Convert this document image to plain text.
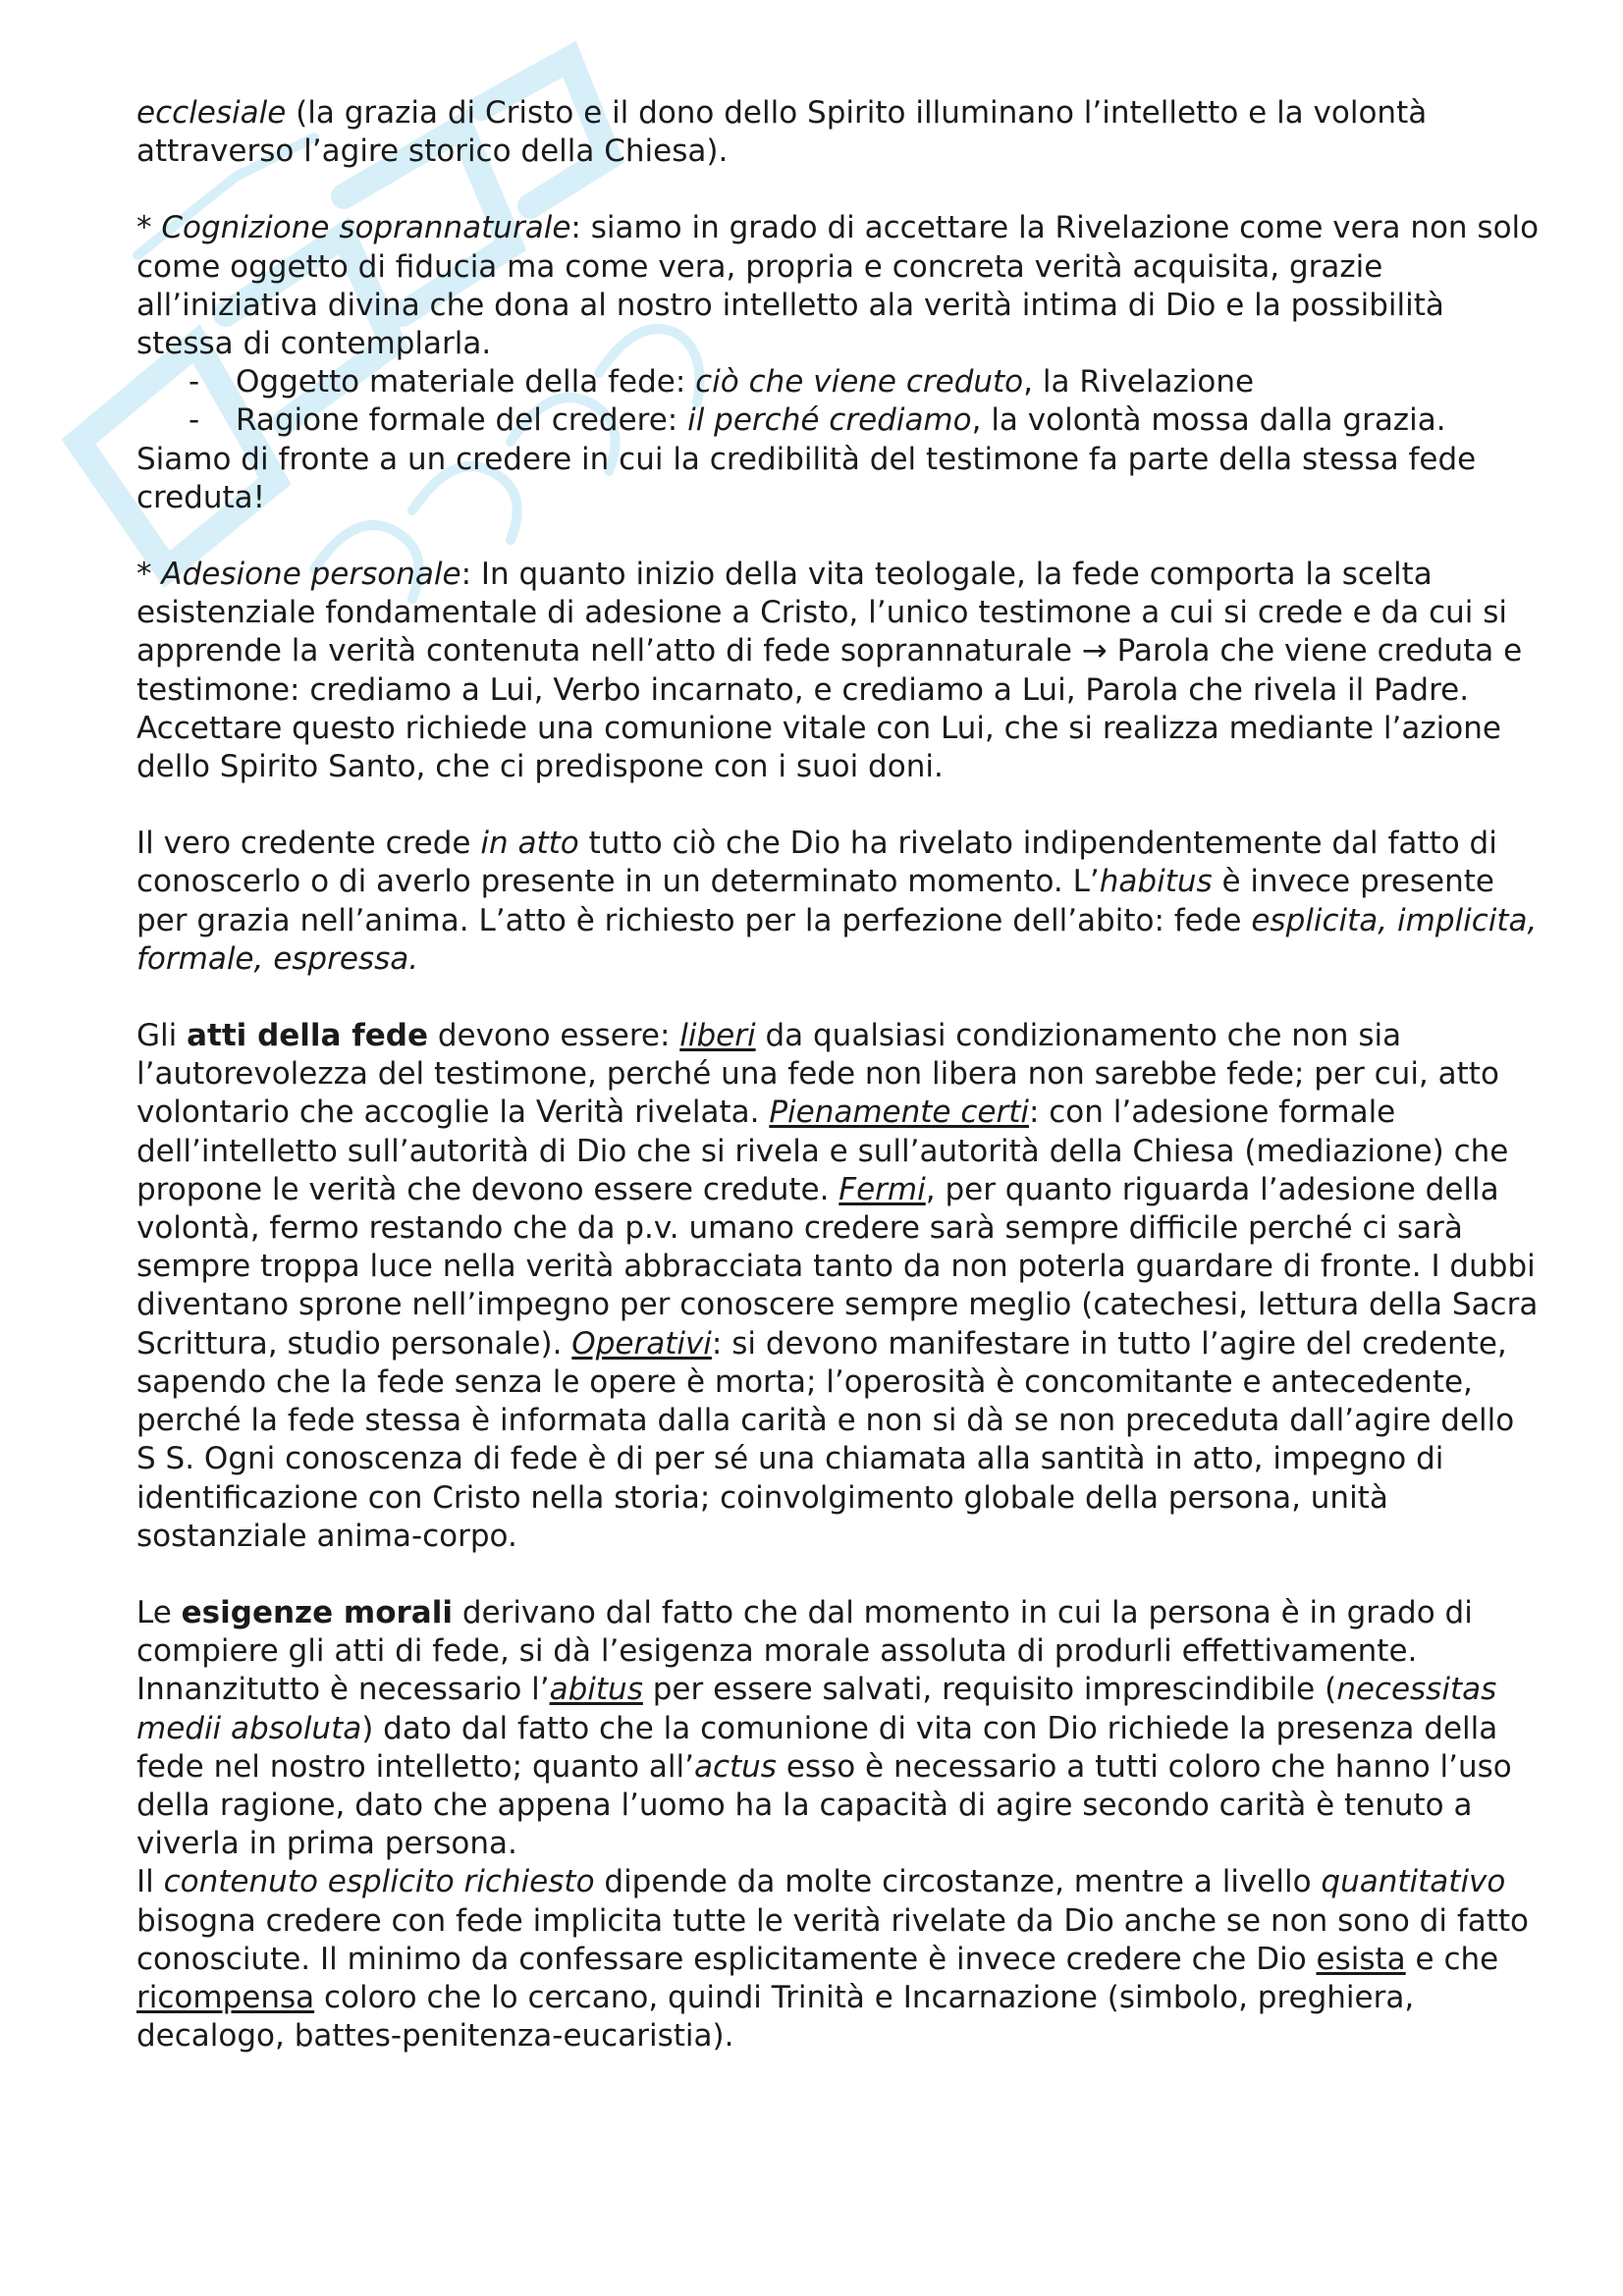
ecclesiale (la grazia di Cristo e il dono dello Spirito illuminano l’intelletto e la volontà attraverso l’agire storico della Chiesa).

* Cognizione soprannaturale: siamo in grado di accettare la Rivelazione come vera non solo come oggetto di fiducia ma come vera, propria e concreta verità acquisita, grazie all’iniziativa divina che dona al nostro intelletto ala verità intima di Dio e la possibilità stessa di contemplarla.

- Oggetto materiale della fede: ciò che viene creduto, la Rivelazione
- Ragione formale del credere: il perché crediamo, la volontà mossa dalla grazia.

Siamo di fronte a un credere in cui la credibilità del testimone fa parte della stessa fede creduta!

* Adesione personale: In quanto inizio della vita teologale, la fede comporta la scelta esistenziale fondamentale di adesione a Cristo, l’unico testimone a cui si crede e da cui si apprende la verità contenuta nell’atto di fede soprannaturale → Parola che viene creduta e testimone: crediamo a Lui, Verbo incarnato, e crediamo a Lui, Parola che rivela il Padre.

Accettare questo richiede una comunione vitale con Lui, che si realizza mediante l’azione dello Spirito Santo, che ci predispone con i suoi doni.

Il vero credente crede in atto tutto ciò che Dio ha rivelato indipendentemente dal fatto di conoscerlo o di averlo presente in un determinato momento. L’habitus è invece presente per grazia nell’anima. L’atto è richiesto per la perfezione dell’abito: fede esplicita, implicita, formale, espressa.

Gli atti della fede devono essere: liberi da qualsiasi condizionamento che non sia l’autorevolezza del testimone, perché una fede non libera non sarebbe fede; per cui, atto volontario che accoglie la Verità rivelata. Pienamente certi: con l’adesione formale dell’intelletto sull’autorità di Dio che si rivela e sull’autorità della Chiesa (mediazione) che propone le verità che devono essere credute. Fermi, per quanto riguarda l’adesione della volontà, fermo restando che da p.v. umano credere sarà sempre difficile perché ci sarà sempre troppa luce nella verità abbracciata tanto da non poterla guardare di fronte. I dubbi diventano sprone nell’impegno per conoscere sempre meglio (catechesi, lettura della Sacra Scrittura, studio personale). Operativi: si devono manifestare in tutto l’agire del credente, sapendo che la fede senza le opere è morta; l’operosità è concomitante e antecedente, perché la fede stessa è informata dalla carità e non si dà se non preceduta dall’agire dello S S. Ogni conoscenza di fede è di per sé una chiamata alla santità in atto, impegno di identificazione con Cristo nella storia; coinvolgimento globale della persona, unità sostanziale anima-corpo.

Le esigenze morali derivano dal fatto che dal momento in cui la persona è in grado di compiere gli atti di fede, si dà l’esigenza morale assoluta di produrli effettivamente. Innanzitutto è necessario l’abitus per essere salvati, requisito imprescindibile (necessitas medii absoluta) dato dal fatto che la comunione di vita con Dio richiede la presenza della fede nel nostro intelletto; quanto all’actus esso è necessario a tutti coloro che hanno l’uso della ragione, dato che appena l’uomo ha la capacità di agire secondo carità è tenuto a viverla in prima persona.

Il contenuto esplicito richiesto dipende da molte circostanze, mentre a livello quantitativo bisogna credere con fede implicita tutte le verità rivelate da Dio anche se non sono di fatto conosciute. Il minimo da confessare esplicitamente è invece credere che Dio esista e che ricompensa coloro che lo cercano, quindi Trinità e Incarnazione (simbolo, preghiera, decalogo, battes-penitenza-eucaristia).
